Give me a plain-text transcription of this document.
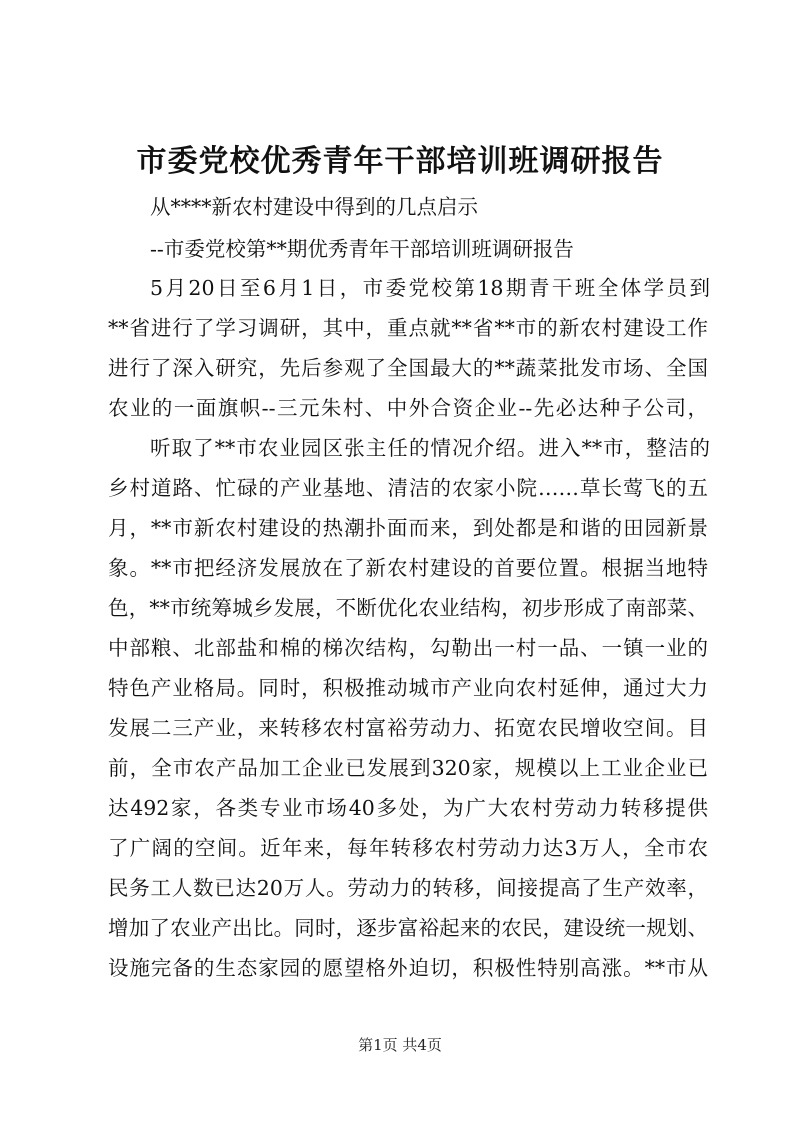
市委党校优秀青年干部培训班调研报告
从****新农村建设中得到的几点启示
--市委党校第**期优秀青年干部培训班调研报告
5月20日至6月1日，市委党校第18期青干班全体学员到
**省进行了学习调研，其中，重点就**省**市的新农村建设工作
进行了深入研究，先后参观了全国最大的**蔬菜批发市场、全国
农业的一面旗帜--三元朱村、中外合资企业--先必达种子公司，
听取了**市农业园区张主任的情况介绍。进入**市，整洁的
乡村道路、忙碌的产业基地、清洁的农家小院……草长莺飞的五
月，**市新农村建设的热潮扑面而来，到处都是和谐的田园新景
象。**市把经济发展放在了新农村建设的首要位置。根据当地特
色，**市统筹城乡发展，不断优化农业结构，初步形成了南部菜、
中部粮、北部盐和棉的梯次结构，勾勒出一村一品、一镇一业的
特色产业格局。同时，积极推动城市产业向农村延伸，通过大力
发展二三产业，来转移农村富裕劳动力、拓宽农民增收空间。目
前，全市农产品加工企业已发展到320家，规模以上工业企业已
达492家，各类专业市场40多处，为广大农村劳动力转移提供
了广阔的空间。近年来，每年转移农村劳动力达3万人，全市农
民务工人数已达20万人。劳动力的转移，间接提高了生产效率，
增加了农业产出比。同时，逐步富裕起来的农民，建设统一规划、
设施完备的生态家园的愿望格外迫切，积极性特别高涨。**市从
第1页 共4页
